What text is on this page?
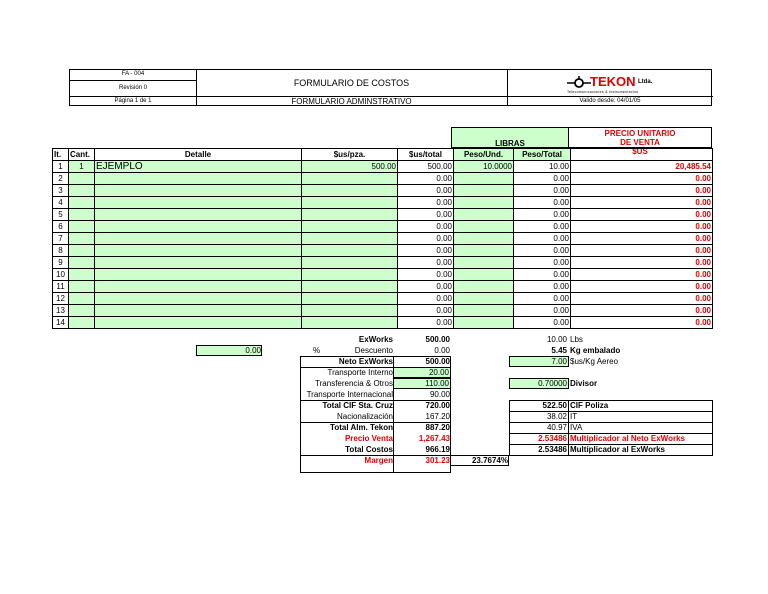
FA - 004
Revisión 0
Página 1 de 1
FORMULARIO DE COSTOS
FORMULARIO ADMINSTRATIVO
TEKON Ltda.
Telecomunicaciones & Instrumentación
Valido desde: 04/01/05
LIBRAS
PRECIO UNITARIO
DE VENTA
$US
It.	Cant.	Detalle	$us/pza.	$us/total	Peso/Und.	Peso/Total	
1	1	EJEMPLO	500.00	500.00	10.0000	10.00	20,485.54
2				0.00		0.00	0.00
3				0.00		0.00	0.00
4				0.00		0.00	0.00
5				0.00		0.00	0.00
6				0.00		0.00	0.00
7				0.00		0.00	0.00
8				0.00		0.00	0.00
9				0.00		0.00	0.00
10				0.00		0.00	0.00
11				0.00		0.00	0.00
12				0.00		0.00	0.00
13				0.00		0.00	0.00
14				0.00		0.00	0.00
ExWorks	500.00
0.00	%	Descuento	0.00
Neto ExWorks	500.00
Transporte Interno	20.00
Transferencia & Otros	110.00
Transporte Internacional	90.00
Total CIF Sta. Cruz	720.00
Nacionalización	167.20
Total Alm. Tekon	887.20
Precio Venta	1,267.43
Total Costos	966.19
Margen	301.23	23.7674%
10.00 Lbs
5.45 Kg embalado
7.00 $us/Kg Aereo
0.70000 Divisor
522.50 CIF Poliza
38.02 IT
40.97 IVA
2.53486 Multiplicador al Neto ExWorks
2.53486 Multiplicador al ExWorks
